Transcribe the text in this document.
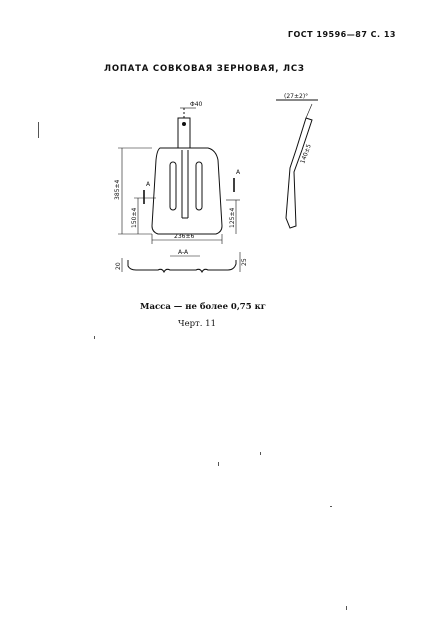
ГОСТ 19596—87 С. 13
ЛОПАТА СОВКОВАЯ ЗЕРНОВАЯ, ЛСЗ
Φ40
385±4
150±4
A
A
125±4
236±6
A-A
20
25
(27±2)°
140±5
Масса — не более 0,75 кг
Черт. 11
